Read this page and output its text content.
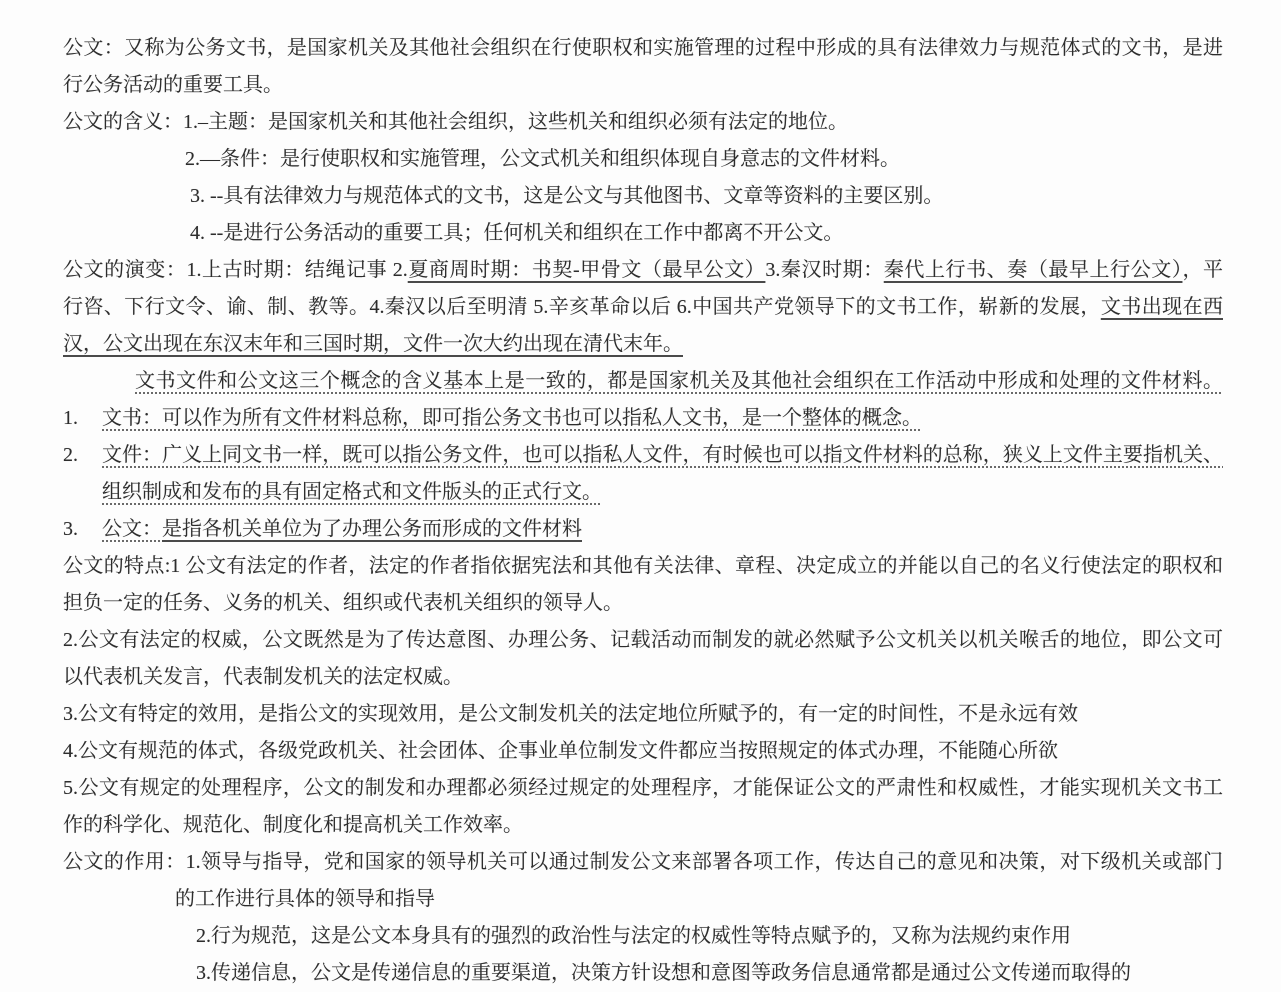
公文：又称为公务文书，是国家机关及其他社会组织在行使职权和实施管理的过程中形成的具有法律效力与规范体式的文书，是进
行公务活动的重要工具。
公文的含义：1.–主题：是国家机关和其他社会组织，这些机关和组织必须有法定的地位。
2.—条件：是行使职权和实施管理，公文式机关和组织体现自身意志的文件材料。
3. --具有法律效力与规范体式的文书，这是公文与其他图书、文章等资料的主要区别。
4. --是进行公务活动的重要工具；任何机关和组织在工作中都离不开公文。
公文的演变：1.上古时期：结绳记事 2.夏商周时期：书契-甲骨文（最早公文）3.秦汉时期：秦代上行书、奏（最早上行公文），平
行咨、下行文令、谕、制、教等。4.秦汉以后至明清 5.辛亥革命以后 6.中国共产党领导下的文书工作，崭新的发展，文书出现在西
汉，公文出现在东汉末年和三国时期，文件一次大约出现在清代末年。
文书文件和公文这三个概念的含义基本上是一致的，都是国家机关及其他社会组织在工作活动中形成和处理的文件材料。
1. 文书：可以作为所有文件材料总称，即可指公务文书也可以指私人文书，是一个整体的概念。
2. 文件：广义上同文书一样，既可以指公务文件，也可以指私人文件，有时候也可以指文件材料的总称，狭义上文件主要指机关、
组织制成和发布的具有固定格式和文件版头的正式行文。
3. 公文：是指各机关单位为了办理公务而形成的文件材料
公文的特点:1 公文有法定的作者，法定的作者指依据宪法和其他有关法律、章程、决定成立的并能以自己的名义行使法定的职权和
担负一定的任务、义务的机关、组织或代表机关组织的领导人。
2.公文有法定的权威，公文既然是为了传达意图、办理公务、记载活动而制发的就必然赋予公文机关以机关喉舌的地位，即公文可
以代表机关发言，代表制发机关的法定权威。
3.公文有特定的效用，是指公文的实现效用，是公文制发机关的法定地位所赋予的，有一定的时间性，不是永远有效
4.公文有规范的体式，各级党政机关、社会团体、企事业单位制发文件都应当按照规定的体式办理，不能随心所欲
5.公文有规定的处理程序，公文的制发和办理都必须经过规定的处理程序，才能保证公文的严肃性和权威性，才能实现机关文书工
作的科学化、规范化、制度化和提高机关工作效率。
公文的作用：1.领导与指导，党和国家的领导机关可以通过制发公文来部署各项工作，传达自己的意见和决策，对下级机关或部门
的工作进行具体的领导和指导
2.行为规范，这是公文本身具有的强烈的政治性与法定的权威性等特点赋予的，又称为法规约束作用
3.传递信息，公文是传递信息的重要渠道，决策方针设想和意图等政务信息通常都是通过公文传递而取得的
